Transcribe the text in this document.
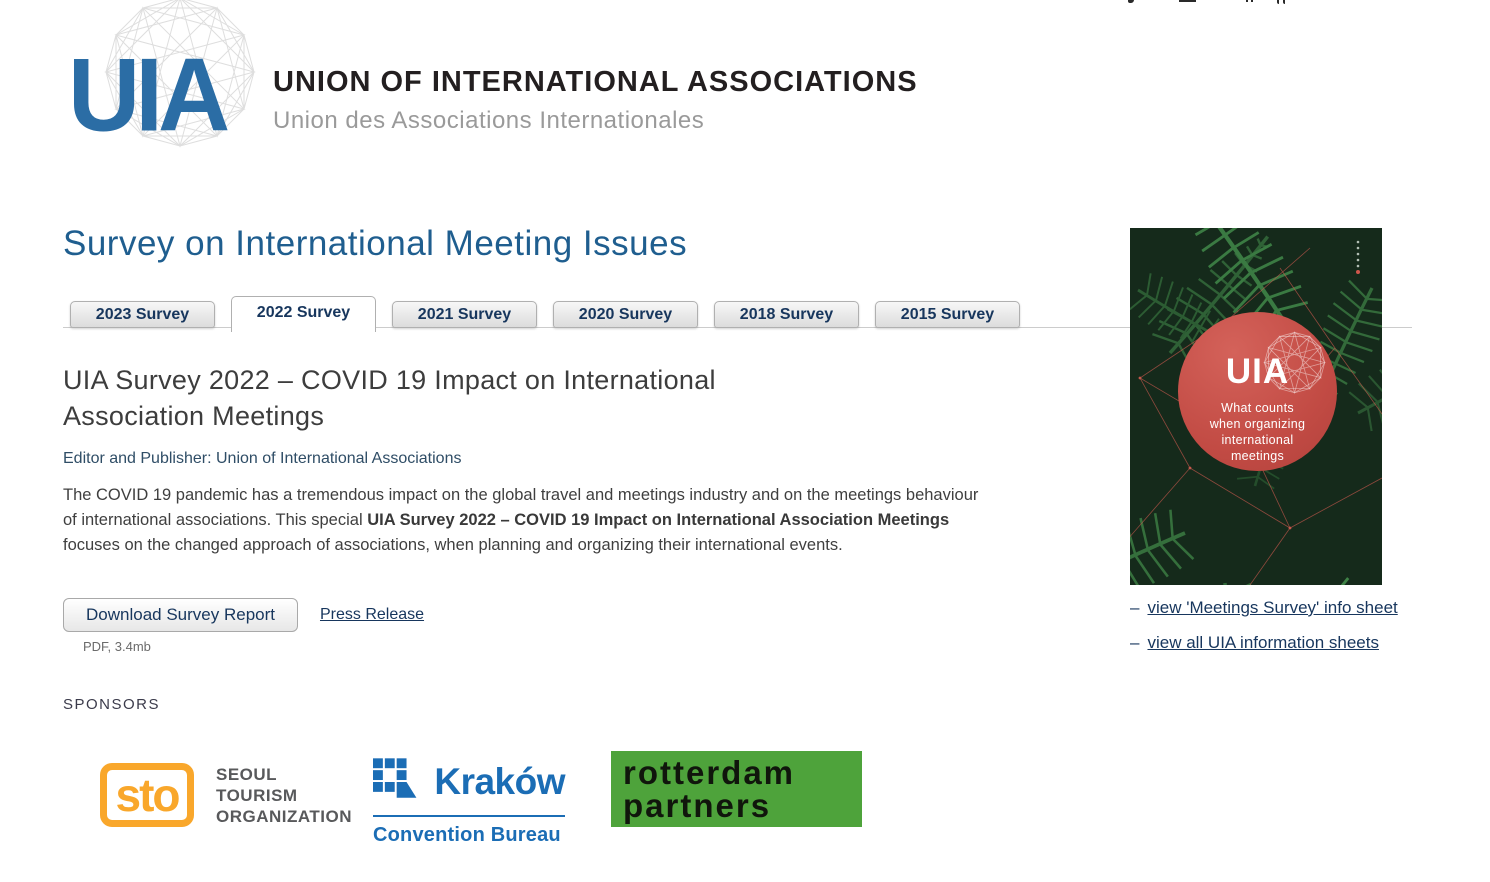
UIA UNION OF INTERNATIONAL ASSOCIATIONS
Union des Associations Internationales
Survey on International Meeting Issues
2023 Survey	2022 Survey	2021 Survey	2020 Survey	2018 Survey	2015 Survey
UIA Survey 2022 – COVID 19 Impact on International Association Meetings
Editor and Publisher: Union of International Associations

The COVID 19 pandemic has a tremendous impact on the global travel and meetings industry and on the meetings behaviour of international associations. This special UIA Survey 2022 – COVID 19 Impact on International Association Meetings focuses on the changed approach of associations, when planning and organizing their international events.

Download Survey Report	Press Release
PDF, 3.4mb
SPONSORS
sto SEOUL
TOURISM
ORGANIZATION
Kraków
Convention Bureau
rotterdam
partners
UIA
What counts
when organizing
international
meetings
– view 'Meetings Survey' info sheet
– view all UIA information sheets
